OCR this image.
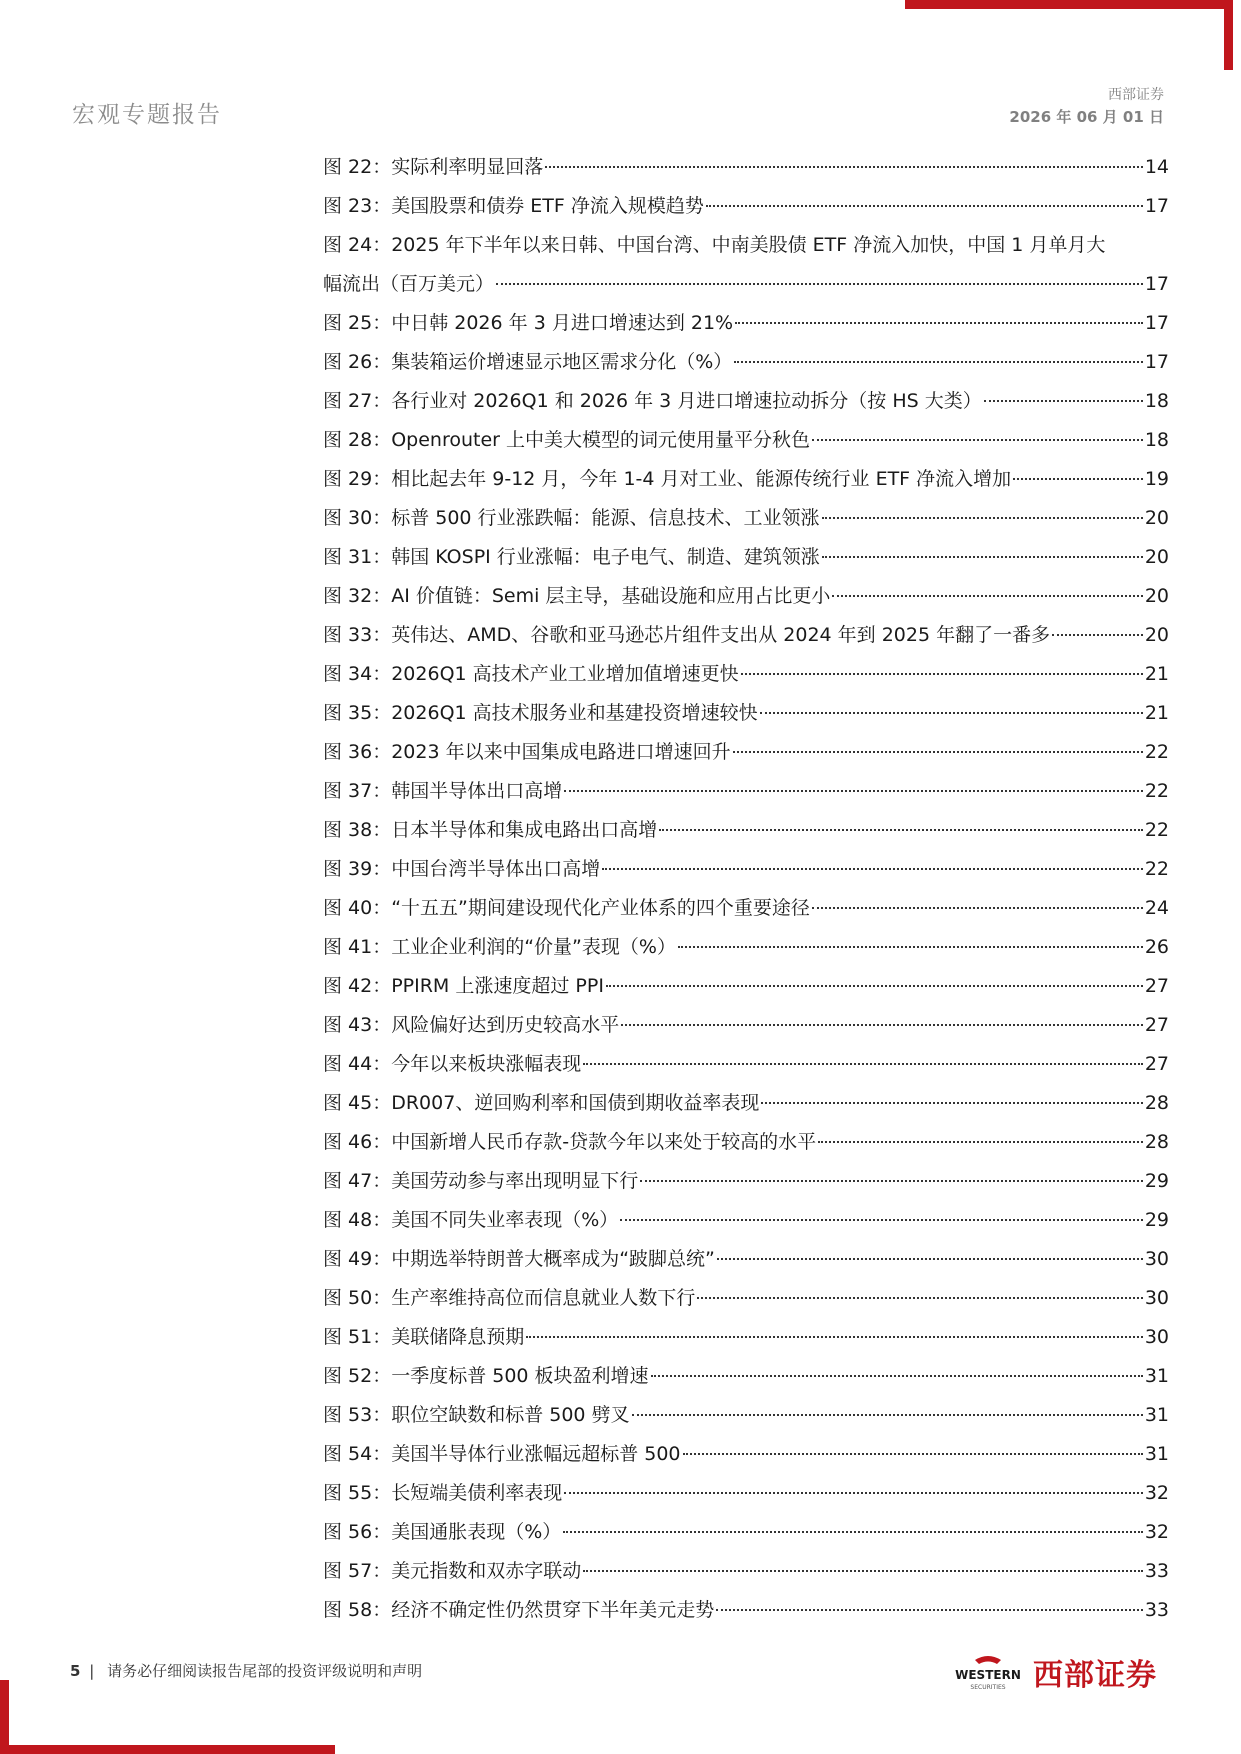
宏观专题报告
西部证券
2026 年 06 月 01 日
图 22：实际利率明显回落	14
图 23：美国股票和债券 ETF 净流入规模趋势	17
图 24：2025 年下半年以来日韩、中国台湾、中南美股债 ETF 净流入加快，中国 1 月单月大
幅流出（百万美元）	17
图 25：中日韩 2026 年 3 月进口增速达到 21%	17
图 26：集装箱运价增速显示地区需求分化（%）	17
图 27：各行业对 2026Q1 和 2026 年 3 月进口增速拉动拆分（按 HS 大类）	18
图 28：Openrouter 上中美大模型的词元使用量平分秋色	18
图 29：相比起去年 9-12 月，今年 1-4 月对工业、能源传统行业 ETF 净流入增加	19
图 30：标普 500 行业涨跌幅：能源、信息技术、工业领涨	20
图 31：韩国 KOSPI 行业涨幅：电子电气、制造、建筑领涨	20
图 32：AI 价值链：Semi 层主导，基础设施和应用占比更小	20
图 33：英伟达、AMD、谷歌和亚马逊芯片组件支出从 2024 年到 2025 年翻了一番多	20
图 34：2026Q1 高技术产业工业增加值增速更快	21
图 35：2026Q1 高技术服务业和基建投资增速较快	21
图 36：2023 年以来中国集成电路进口增速回升	22
图 37：韩国半导体出口高增	22
图 38：日本半导体和集成电路出口高增	22
图 39：中国台湾半导体出口高增	22
图 40：“十五五”期间建设现代化产业体系的四个重要途径	24
图 41：工业企业利润的“价量”表现（%）	26
图 42：PPIRM 上涨速度超过 PPI	27
图 43：风险偏好达到历史较高水平	27
图 44：今年以来板块涨幅表现	27
图 45：DR007、逆回购利率和国债到期收益率表现	28
图 46：中国新增人民币存款-贷款今年以来处于较高的水平	28
图 47：美国劳动参与率出现明显下行	29
图 48：美国不同失业率表现（%）	29
图 49：中期选举特朗普大概率成为“跛脚总统”	30
图 50：生产率维持高位而信息就业人数下行	30
图 51：美联储降息预期	30
图 52：一季度标普 500 板块盈利增速	31
图 53：职位空缺数和标普 500 劈叉	31
图 54：美国半导体行业涨幅远超标普 500	31
图 55：长短端美债利率表现	32
图 56：美国通胀表现（%）	32
图 57：美元指数和双赤字联动	33
图 58：经济不确定性仍然贯穿下半年美元走势	33
5 | 请务必仔细阅读报告尾部的投资评级说明和声明	WESTERN
SECURITIES 西部证券
